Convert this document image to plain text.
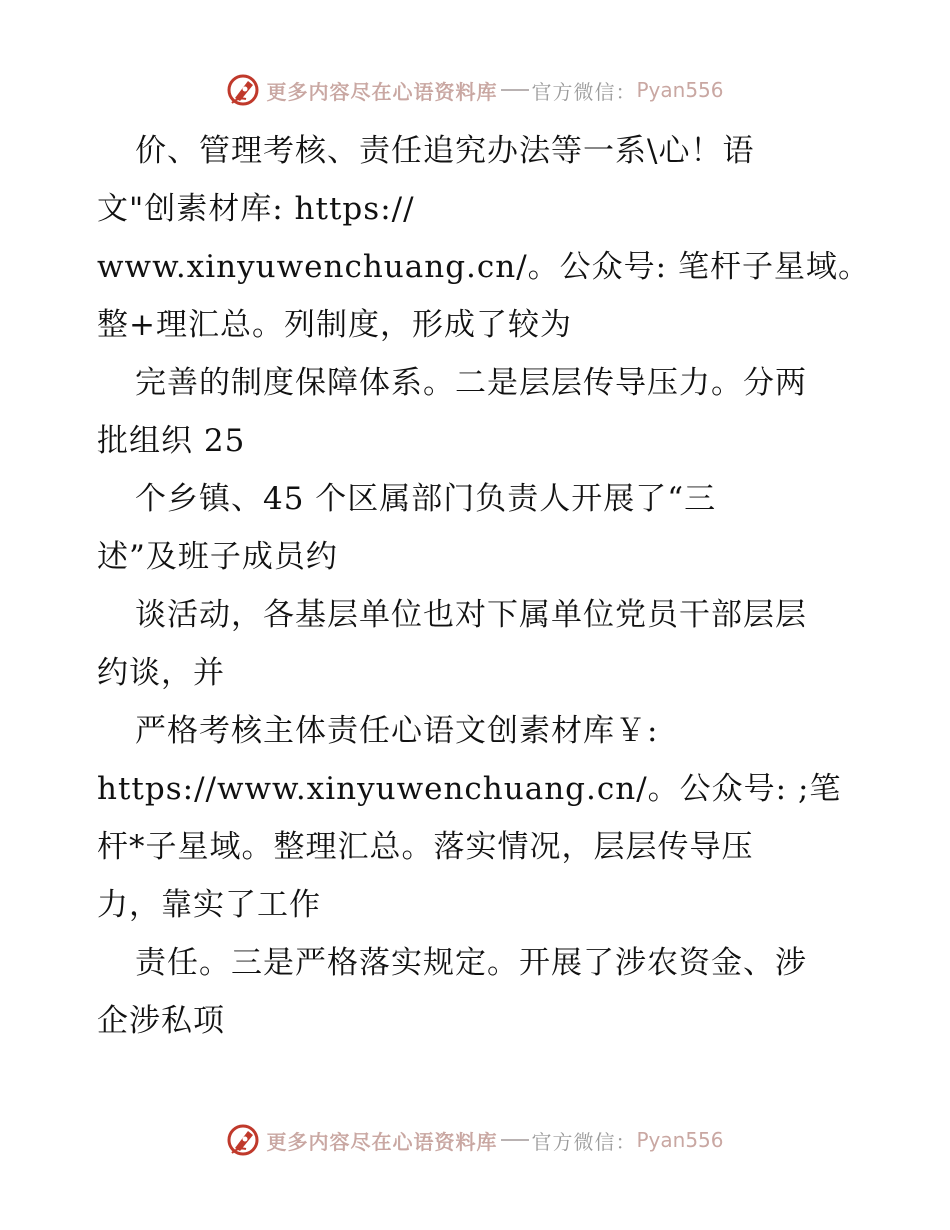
更多内容尽在心语资料库 官方微信： Pyan556
价、管理考核、责任追究办法等一系\心！语
文"创素材库: https://
www.xinyuwenchuang.cn/。公众号: 笔杆子星域。
整+理汇总。列制度，形成了较为
完善的制度保障体系。二是层层传导压力。分两
批组织 25
个乡镇、45 个区属部门负责人开展了“三
述”及班子成员约
谈活动，各基层单位也对下属单位党员干部层层
约谈，并
严格考核主体责任心语文创素材库￥:
https://www.xinyuwenchuang.cn/。公众号: ;笔
杆*子星域。整理汇总。落实情况，层层传导压
力，靠实了工作
责任。三是严格落实规定。开展了涉农资金、涉
企涉私项
更多内容尽在心语资料库 官方微信： Pyan556
